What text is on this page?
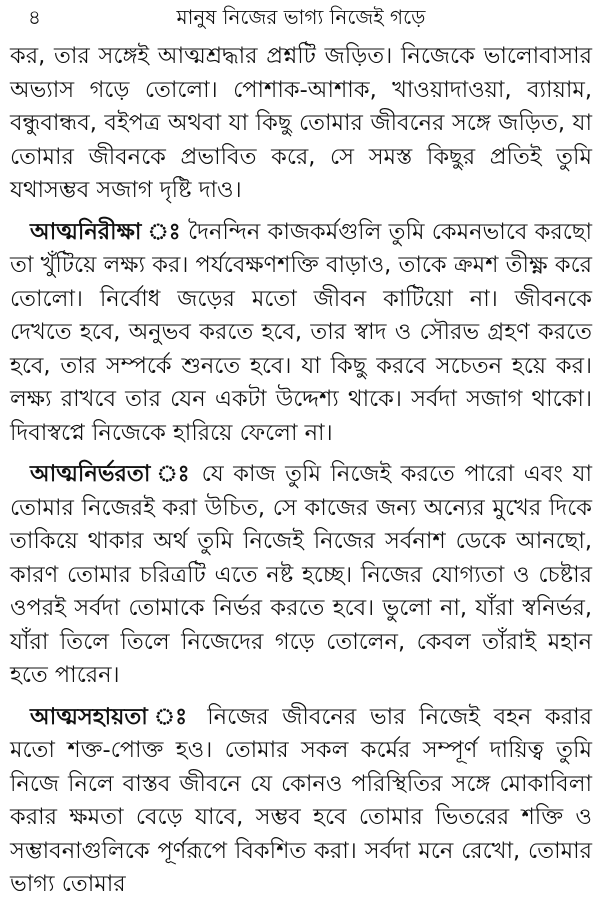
৪	মানুষ নিজের ভাগ্য নিজেই গড়ে

কর, তার সঙ্গেই আত্মশ্রদ্ধার প্রশ্নটি জড়িত। নিজেকে ভালোবাসার অভ্যাস গড়ে তোলো। পোশাক-আশাক, খাওয়াদাওয়া, ব্যায়াম, বন্ধুবান্ধব, বইপত্র অথবা যা কিছু তোমার জীবনের সঙ্গে জড়িত, যা তোমার জীবনকে প্রভাবিত করে, সে সমস্ত কিছুর প্রতিই তুমি যথাসম্ভব সজাগ দৃষ্টি দাও।

আত্মনিরীক্ষা ঃ দৈনন্দিন কাজকর্মগুলি তুমি কেমনভাবে করছো তা খুঁটিয়ে লক্ষ্য কর। পর্যবেক্ষণশক্তি বাড়াও, তাকে ক্রমশ তীক্ষ্ণ করে তোলো। নির্বোধ জড়ের মতো জীবন কাটিয়ো না। জীবনকে দেখতে হবে, অনুভব করতে হবে, তার স্বাদ ও সৌরভ গ্রহণ করতে হবে, তার সম্পর্কে শুনতে হবে। যা কিছু করবে সচেতন হয়ে কর। লক্ষ্য রাখবে তার যেন একটা উদ্দেশ্য থাকে। সর্বদা সজাগ থাকো। দিবাস্বপ্নে নিজেকে হারিয়ে ফেলো না।

আত্মনির্ভরতা ঃ যে কাজ তুমি নিজেই করতে পারো এবং যা তোমার নিজেরই করা উচিত, সে কাজের জন্য অন্যের মুখের দিকে তাকিয়ে থাকার অর্থ তুমি নিজেই নিজের সর্বনাশ ডেকে আনছো, কারণ তোমার চরিত্রটি এতে নষ্ট হচ্ছে। নিজের যোগ্যতা ও চেষ্টার ওপরই সর্বদা তোমাকে নির্ভর করতে হবে। ভুলো না, যাঁরা স্বনির্ভর, যাঁরা তিলে তিলে নিজেদের গড়ে তোলেন, কেবল তাঁরাই মহান হতে পারেন।

আত্মসহায়তা ঃ নিজের জীবনের ভার নিজেই বহন করার মতো শক্ত-পোক্ত হও। তোমার সকল কর্মের সম্পূর্ণ দায়িত্ব তুমি নিজে নিলে বাস্তব জীবনে যে কোনও পরিস্থিতির সঙ্গে মোকাবিলা করার ক্ষমতা বেড়ে যাবে, সম্ভব হবে তোমার ভিতরের শক্তি ও সম্ভাবনাগুলিকে পূর্ণরূপে বিকশিত করা। সর্বদা মনে রেখো, তোমার ভাগ্য তোমার
